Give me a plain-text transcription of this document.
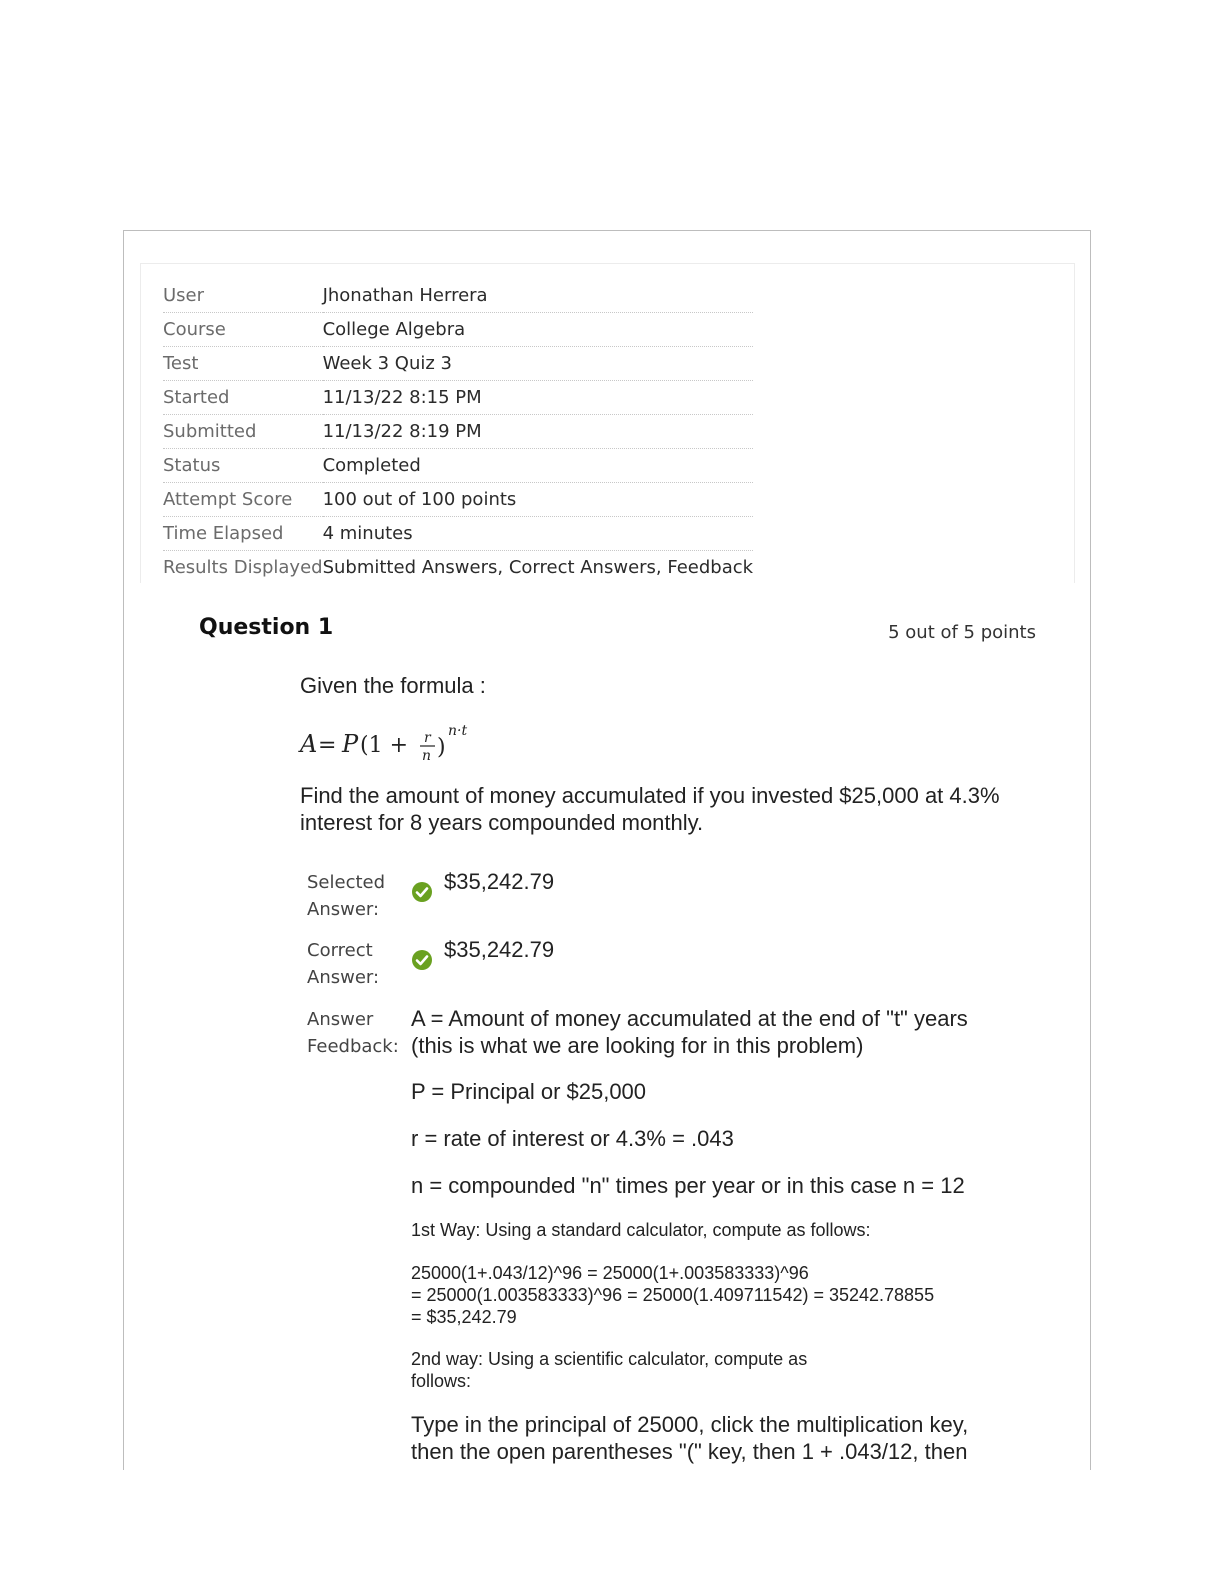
User	Jhonathan Herrera
Course	College Algebra
Test	Week 3 Quiz 3
Started	11/13/22 8:15 PM
Submitted	11/13/22 8:19 PM
Status	Completed
Attempt Score	100 out of 100 points
Time Elapsed	4 minutes
Results Displayed	Submitted Answers, Correct Answers, Feedback
Question 1	5 out of 5 points
Given the formula :
A = P (1 + r
n )
n·t
Find the amount of money accumulated if you invested $25,000 at 4.3% interest for 8 years compounded monthly.
Selected
Answer:
$35,242.79
Correct
Answer:
$35,242.79
Answer
Feedback:
A = Amount of money accumulated at the end of "t" years
(this is what we are looking for in this problem)
P = Principal or $25,000
r = rate of interest or 4.3% = .043
n = compounded "n" times per year or in this case n = 12
1st Way: Using a standard calculator, compute as follows:
25000(1+.043/12)^96 = 25000(1+.003583333)^96
= 25000(1.003583333)^96 = 25000(1.409711542) = 35242.78855
= $35,242.79
2nd way: Using a scientific calculator, compute as
follows:
Type in the principal of 25000, click the multiplication key,
then the open parentheses "(" key, then 1 + .043/12, then
